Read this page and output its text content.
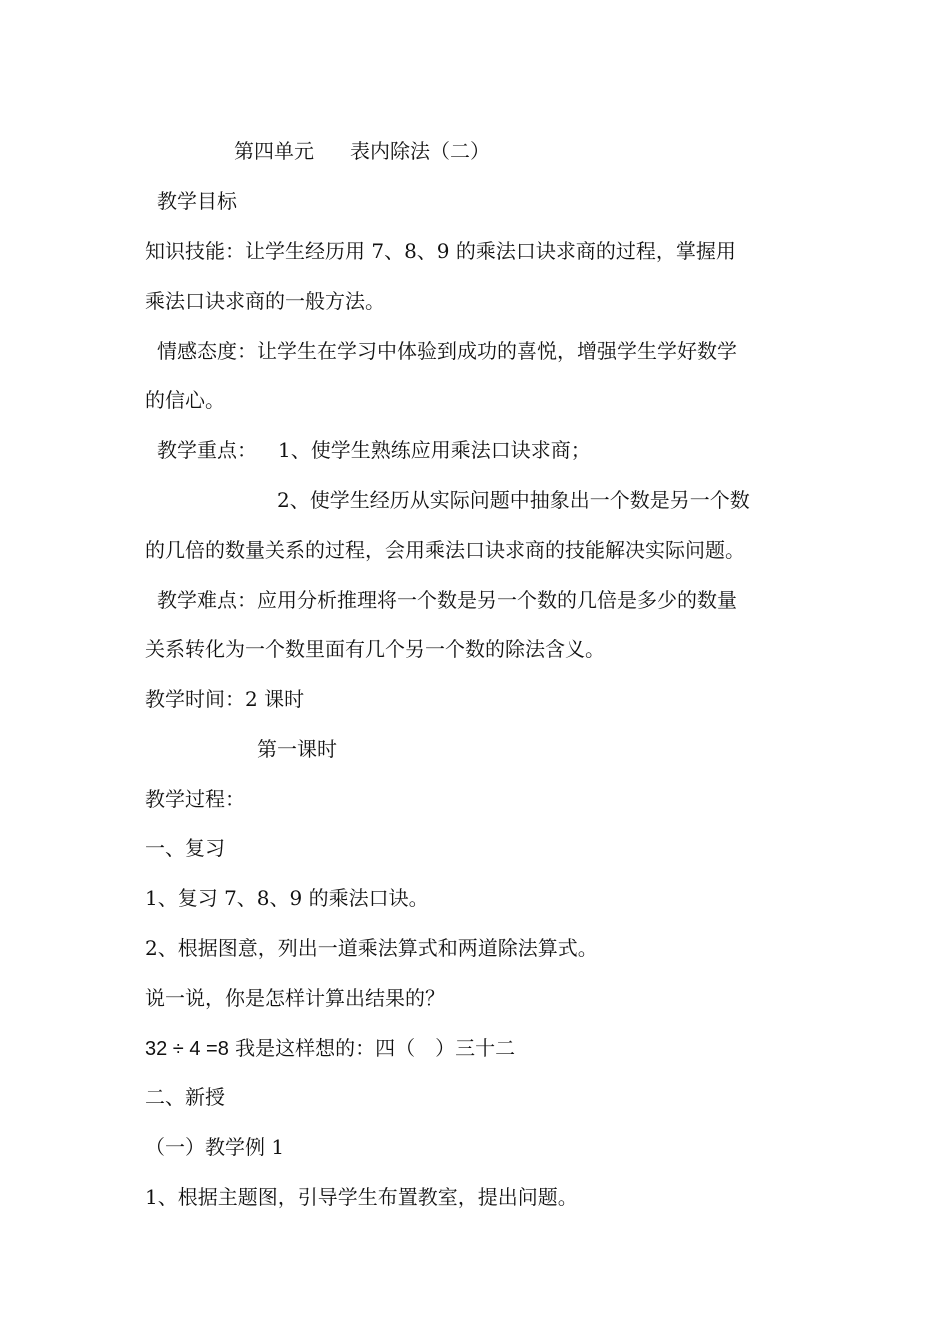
第四单元 表内除法（二）
教学目标
知识技能：让学生经历用 7、8、9 的乘法口诀求商的过程，掌握用
乘法口诀求商的一般方法。
情感态度：让学生在学习中体验到成功的喜悦，增强学生学好数学
的信心。
教学重点： 1、使学生熟练应用乘法口诀求商；
2、使学生经历从实际问题中抽象出一个数是另一个数
的几倍的数量关系的过程，会用乘法口诀求商的技能解决实际问题。
教学难点：应用分析推理将一个数是另一个数的几倍是多少的数量
关系转化为一个数里面有几个另一个数的除法含义。
教学时间：2 课时
第一课时
教学过程：
一、复习
1、复习 7、8、9 的乘法口诀。
2、根据图意，列出一道乘法算式和两道除法算式。
说一说，你是怎样计算出结果的？
32 ÷ 4 =8 我是这样想的：四（　）三十二
二、新授
（一）教学例 1
1、根据主题图，引导学生布置教室，提出问题。
